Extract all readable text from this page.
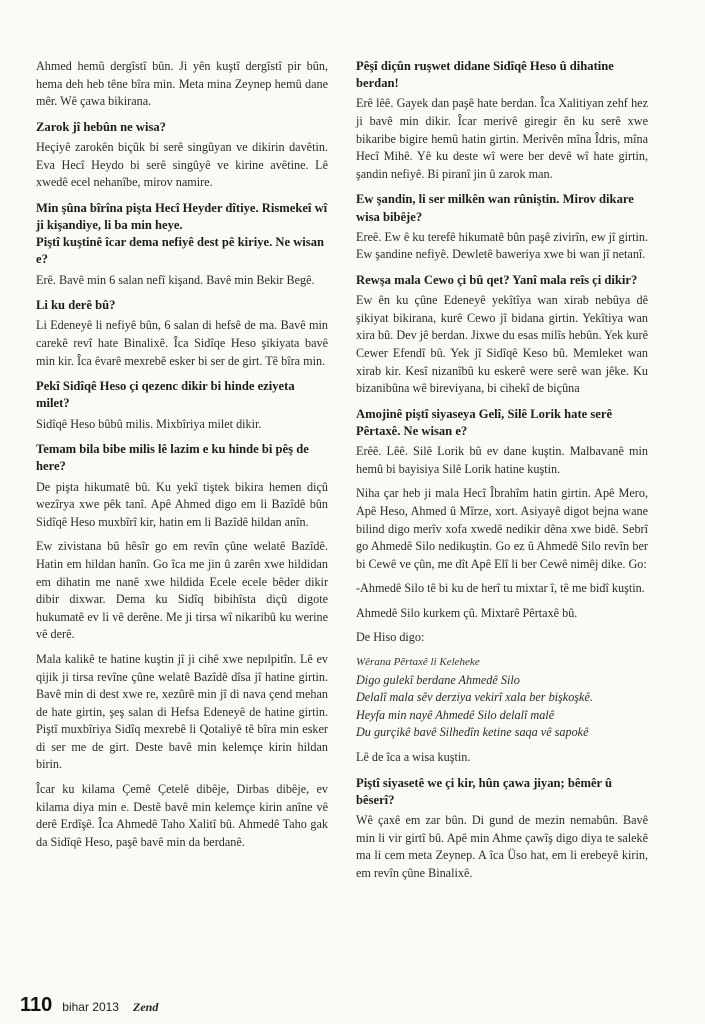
Ahmed hemû dergîstî bûn. Ji yên kuştî dergîstî pir bûn, hema deh heb têne bîra min. Meta mina Zeynep hemû dane mêr. Wê çawa bikirana.

Zarok jî hebûn ne wisa?

Heçiyê zarokên biçûk bi serê singûyan ve dikirin davêtin. Eva Hecî Heydo bi serê singûyê ve kirine avêtine. Lê xwedê ecel nehanîbe, mirov namire.

Min şûna bîrîna pişta Hecî Heyder dîtiye. Rismekeî wî ji kişandiye, li ba min heye.

Piştî kuştinê îcar dema nefiyê dest pê kiriye. Ne wisan e?

Erê. Bavê min 6 salan nefî kişand. Bavê min Bekir Begê.

Li ku derê bû?

Li Edeneyê li nefiyê bûn, 6 salan di hefsê de ma. Bavê min carekê revî hate Binalixê. Îca Sidîqe Heso şikiyata bavê min kir. Îca êvarê mexrebê esker bi ser de girt. Tê bîra min.

Pekî Sidîqê Heso çi qezenc dikir bi hinde eziyeta milet?

Sidîqê Heso bûbû milis. Mixbîriya milet dikir.

Temam bila bibe milis lê lazim e ku hinde bi pêş de here?

De pişta hikumatê bû. Ku yekî tiştek bikira hemen diçû wezîrya xwe pêk tanî. Apê Ahmed digo em li Bazîdê bûn Sidîqê Heso muxbîrî kir, hatin em li Bazîdê hildan anîn.

Ew zivistana bû hêsîr go em revîn çûne welatê Bazîdê. Hatin em hildan hanîn. Go îca me jin û zarên xwe hildidan em dihatin me nanê xwe hildida Ecele ecele bêder dikir dibir dixwar. Dema ku Sidîq bibihîsta diçû digote hukumatê ev li vê derêne. Me ji tirsa wî nikaribû ku werine vê derê.

Mala kalikê te hatine kuştin jî ji cihê xwe nepılpitîn. Lê ev qijik ji tirsa revîne çûne welatê Bazîdê dîsa jî hatine girtin. Bavê min di dest xwe re, xezûrê min jî di nava çend mehan de hate girtin, şeş salan di Hefsa Edeneyê de hatine girtin. Piştî muxbîriya Sidîq mexrebê li Qotaliyê tê bîra min esker di ser me de girt. Deste bavê min kelemçe kirin hildan birin.

Îcar ku kilama Çemê Çetelê dibêje, Dirbas dibêje, ev kilama diya min e. Destê bavê min kelemçe kirin anîne vê derê Erdîşê. Îca Ahmedê Taho Xalitî bû. Ahmedê Taho gak da Sidîqê Heso, paşê bavê min da berdanê.

Pêşî diçûn ruşwet didane Sidîqê Heso û dihatine berdan!

Erê lêê. Gayek dan paşê hate berdan. Îca Xalitiyan zehf hez ji bavê min dikir. Îcar merivê giregir ên ku serê xwe bikaribe bigire hemû hatin girtin. Merivên mîna Îdris, mîna Hecî Mihê. Yê ku deste wî were ber devê wî hate girtin, şandin nefiyê. Bi piranî jin û zarok man.

Ew şandin, li ser milkên wan rûniştin. Mirov dikare wisa bibêje?

Ereê. Ew ê ku terefê hikumatê bûn paşê zivirîn, ew jî girtin. Ew şandine nefiyê. Dewletê baweriya xwe bi wan jî netanî.

Rewşa mala Cewo çi bû qet? Yanî mala reîs çi dikir?

Ew ên ku çûne Edeneyê yekîtîya wan xirab nebûya dê şikiyat bikirana, kurê Cewo jî bidana girtin. Yekîtiya wan xira bû. Dev jê berdan. Jixwe du esas milîs hebûn. Yek kurê Cewer Efendî bû. Yek jî Sidîqê Keso bû. Memleket wan xirab kir. Kesî nizanîbû ku eskerê were serê wan jêke. Ku bizanibûna wê bireviyana, bi cihekî de biçûna

Amojinê piştî siyaseya Gelî, Silê Lorik hate serê Pêrtaxê. Ne wisan e?

Erêê. Lêê. Silê Lorik bû ev dane kuştin. Malbavanê min hemû bi bayisiya Silê Lorik hatine kuştin.

Niha çar heb ji mala Hecî Îbrahîm hatin girtin. Apê Mero, Apê Heso, Ahmed û Mîrze, xort. Asiyayê digot bejna wane bilind digo merîv xofa xwedê nedikir dêna xwe bidê. Sebrî go Ahmedê Silo nedikuştin. Go ez û Ahmedê Silo revîn ber bi Cewê ve çûn, me dît Apê Elî li ber Cewê nimêj dike. Go:

-Ahmedê Silo tê bi ku de herî tu mixtar î, tê me bidî kuştin.

Ahmedê Silo kurkem çû. Mixtarê Pêrtaxê bû.

De Hiso digo:

Wêrana Pêrtaxê li Keleheke

Digo gulekî berdane Ahmedê Silo
Delalî mala sêv derziya vekirî xala ber bişkoşkê.
Heyfa min nayê Ahmedê Silo delalî malê
Du gurçikê bavê Silhedîn ketine saqa vê sapokê

Lê de îca a wisa kuştin.

Piştî siyasetê we çi kir, hûn çawa jiyan; bêmêr û bêserî?

Wê çaxê em zar bûn. Di gund de mezin nemabûn. Bavê min li vir girtî bû. Apê min Ahme çawîş digo diya te salekê ma li cem meta Zeynep. A îca Üso hat, em li erebeyê kirin, em revîn çûne Binalixê.

110 bihar 2013 Zend
